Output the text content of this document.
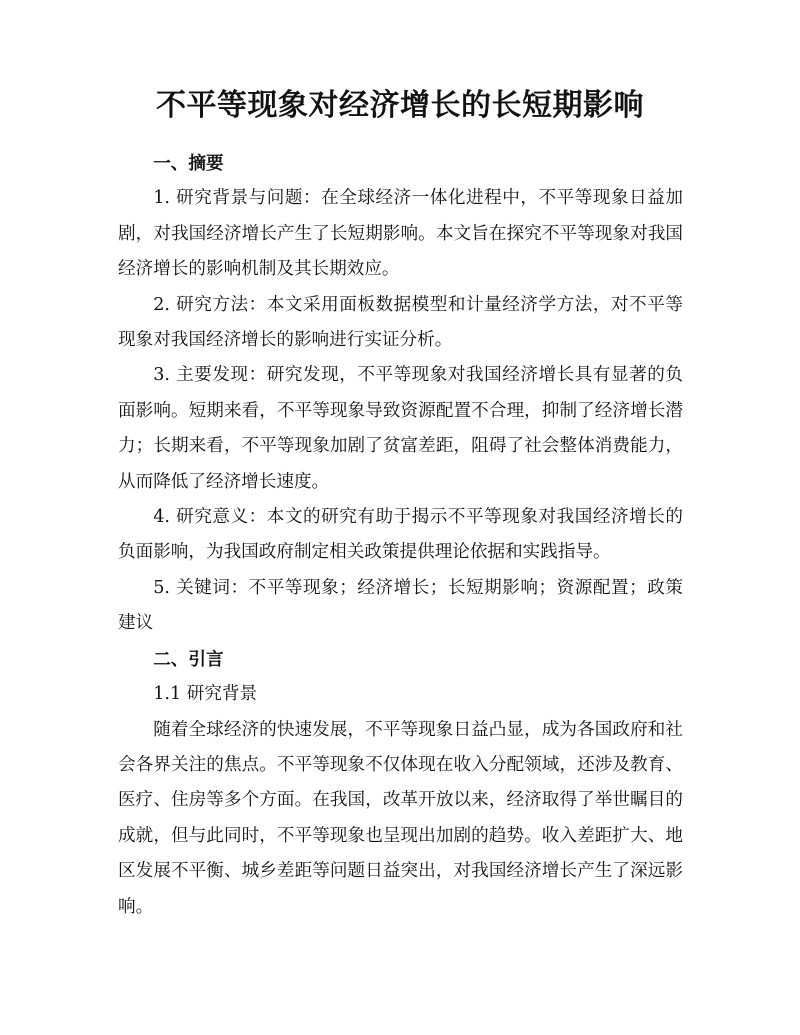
不平等现象对经济增长的长短期影响

一、摘要

1. 研究背景与问题：在全球经济一体化进程中，不平等现象日益加剧，对我国经济增长产生了长短期影响。本文旨在探究不平等现象对我国经济增长的影响机制及其长期效应。

2. 研究方法：本文采用面板数据模型和计量经济学方法，对不平等现象对我国经济增长的影响进行实证分析。

3. 主要发现：研究发现，不平等现象对我国经济增长具有显著的负面影响。短期来看，不平等现象导致资源配置不合理，抑制了经济增长潜力；长期来看，不平等现象加剧了贫富差距，阻碍了社会整体消费能力，从而降低了经济增长速度。

4. 研究意义：本文的研究有助于揭示不平等现象对我国经济增长的负面影响，为我国政府制定相关政策提供理论依据和实践指导。

5. 关键词：不平等现象；经济增长；长短期影响；资源配置；政策建议

二、引言

1.1 研究背景

随着全球经济的快速发展，不平等现象日益凸显，成为各国政府和社会各界关注的焦点。不平等现象不仅体现在收入分配领域，还涉及教育、医疗、住房等多个方面。在我国，改革开放以来，经济取得了举世瞩目的成就，但与此同时，不平等现象也呈现出加剧的趋势。收入差距扩大、地区发展不平衡、城乡差距等问题日益突出，对我国经济增长产生了深远影响。
